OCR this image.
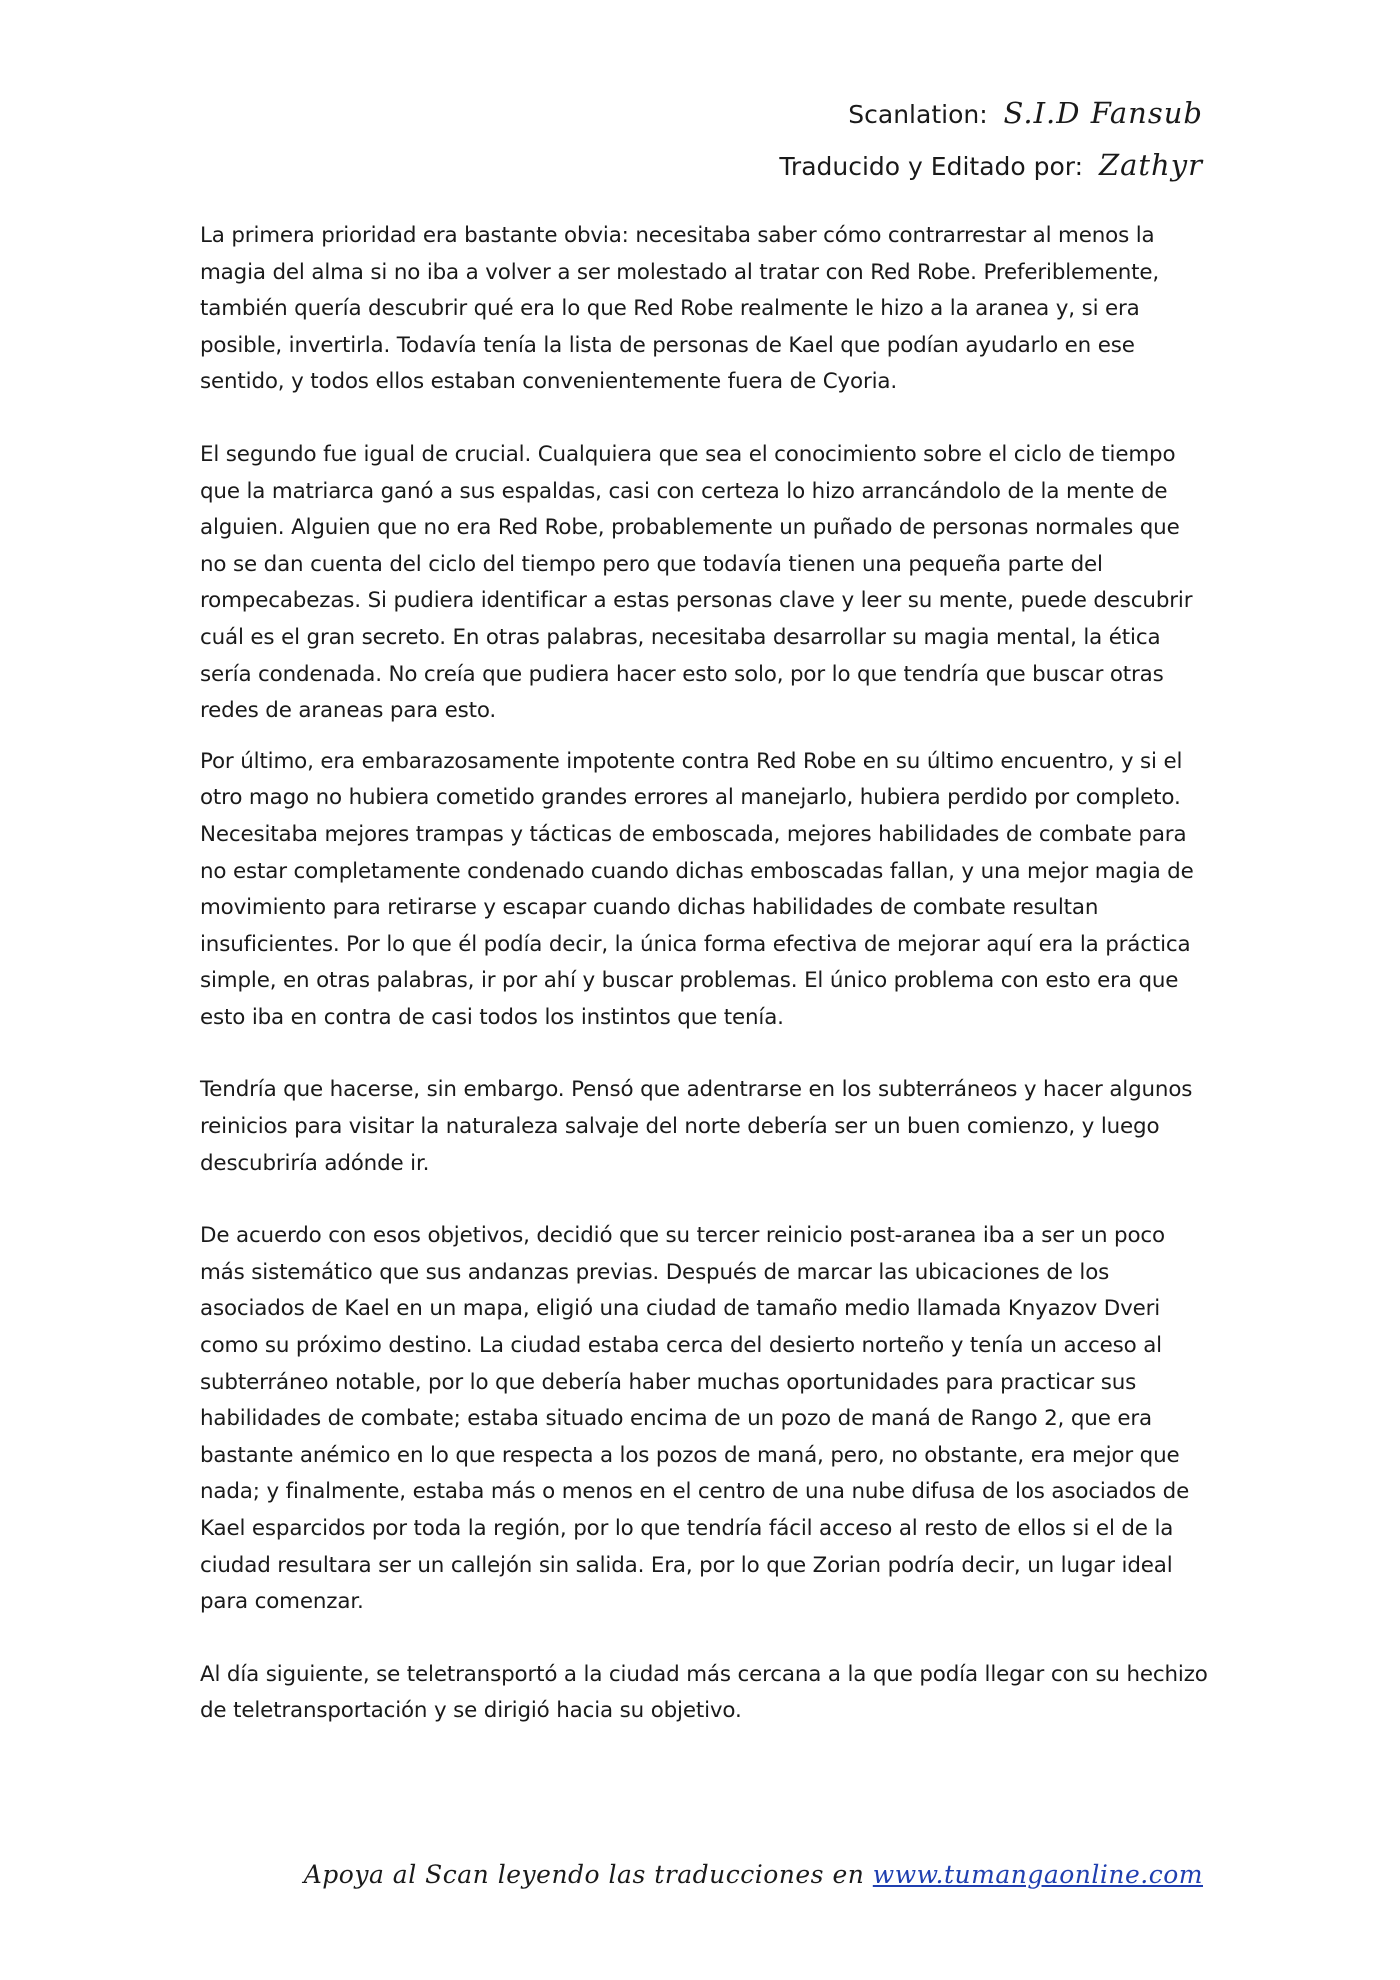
Scanlation: S.I.D Fansub
Traducido y Editado por: Zathyr

La primera prioridad era bastante obvia: necesitaba saber cómo contrarrestar al menos la magia del alma si no iba a volver a ser molestado al tratar con Red Robe. Preferiblemente, también quería descubrir qué era lo que Red Robe realmente le hizo a la aranea y, si era posible, invertirla. Todavía tenía la lista de personas de Kael que podían ayudarlo en ese sentido, y todos ellos estaban convenientemente fuera de Cyoria.

El segundo fue igual de crucial. Cualquiera que sea el conocimiento sobre el ciclo de tiempo que la matriarca ganó a sus espaldas, casi con certeza lo hizo arrancándolo de la mente de alguien. Alguien que no era Red Robe, probablemente un puñado de personas normales que no se dan cuenta del ciclo del tiempo pero que todavía tienen una pequeña parte del rompecabezas. Si pudiera identificar a estas personas clave y leer su mente, puede descubrir cuál es el gran secreto. En otras palabras, necesitaba desarrollar su magia mental, la ética sería condenada. No creía que pudiera hacer esto solo, por lo que tendría que buscar otras redes de araneas para esto.

Por último, era embarazosamente impotente contra Red Robe en su último encuentro, y si el otro mago no hubiera cometido grandes errores al manejarlo, hubiera perdido por completo. Necesitaba mejores trampas y tácticas de emboscada, mejores habilidades de combate para no estar completamente condenado cuando dichas emboscadas fallan, y una mejor magia de movimiento para retirarse y escapar cuando dichas habilidades de combate resultan insuficientes. Por lo que él podía decir, la única forma efectiva de mejorar aquí era la práctica simple, en otras palabras, ir por ahí y buscar problemas. El único problema con esto era que esto iba en contra de casi todos los instintos que tenía.

Tendría que hacerse, sin embargo. Pensó que adentrarse en los subterráneos y hacer algunos reinicios para visitar la naturaleza salvaje del norte debería ser un buen comienzo, y luego descubriría adónde ir.

De acuerdo con esos objetivos, decidió que su tercer reinicio post-aranea iba a ser un poco más sistemático que sus andanzas previas. Después de marcar las ubicaciones de los asociados de Kael en un mapa, eligió una ciudad de tamaño medio llamada Knyazov Dveri como su próximo destino. La ciudad estaba cerca del desierto norteño y tenía un acceso al subterráneo notable, por lo que debería haber muchas oportunidades para practicar sus habilidades de combate; estaba situado encima de un pozo de maná de Rango 2, que era bastante anémico en lo que respecta a los pozos de maná, pero, no obstante, era mejor que nada; y finalmente, estaba más o menos en el centro de una nube difusa de los asociados de Kael esparcidos por toda la región, por lo que tendría fácil acceso al resto de ellos si el de la ciudad resultara ser un callejón sin salida. Era, por lo que Zorian podría decir, un lugar ideal para comenzar.

Al día siguiente, se teletransportó a la ciudad más cercana a la que podía llegar con su hechizo de teletransportación y se dirigió hacia su objetivo.

Apoya al Scan leyendo las traducciones en www.tumangaonline.com
